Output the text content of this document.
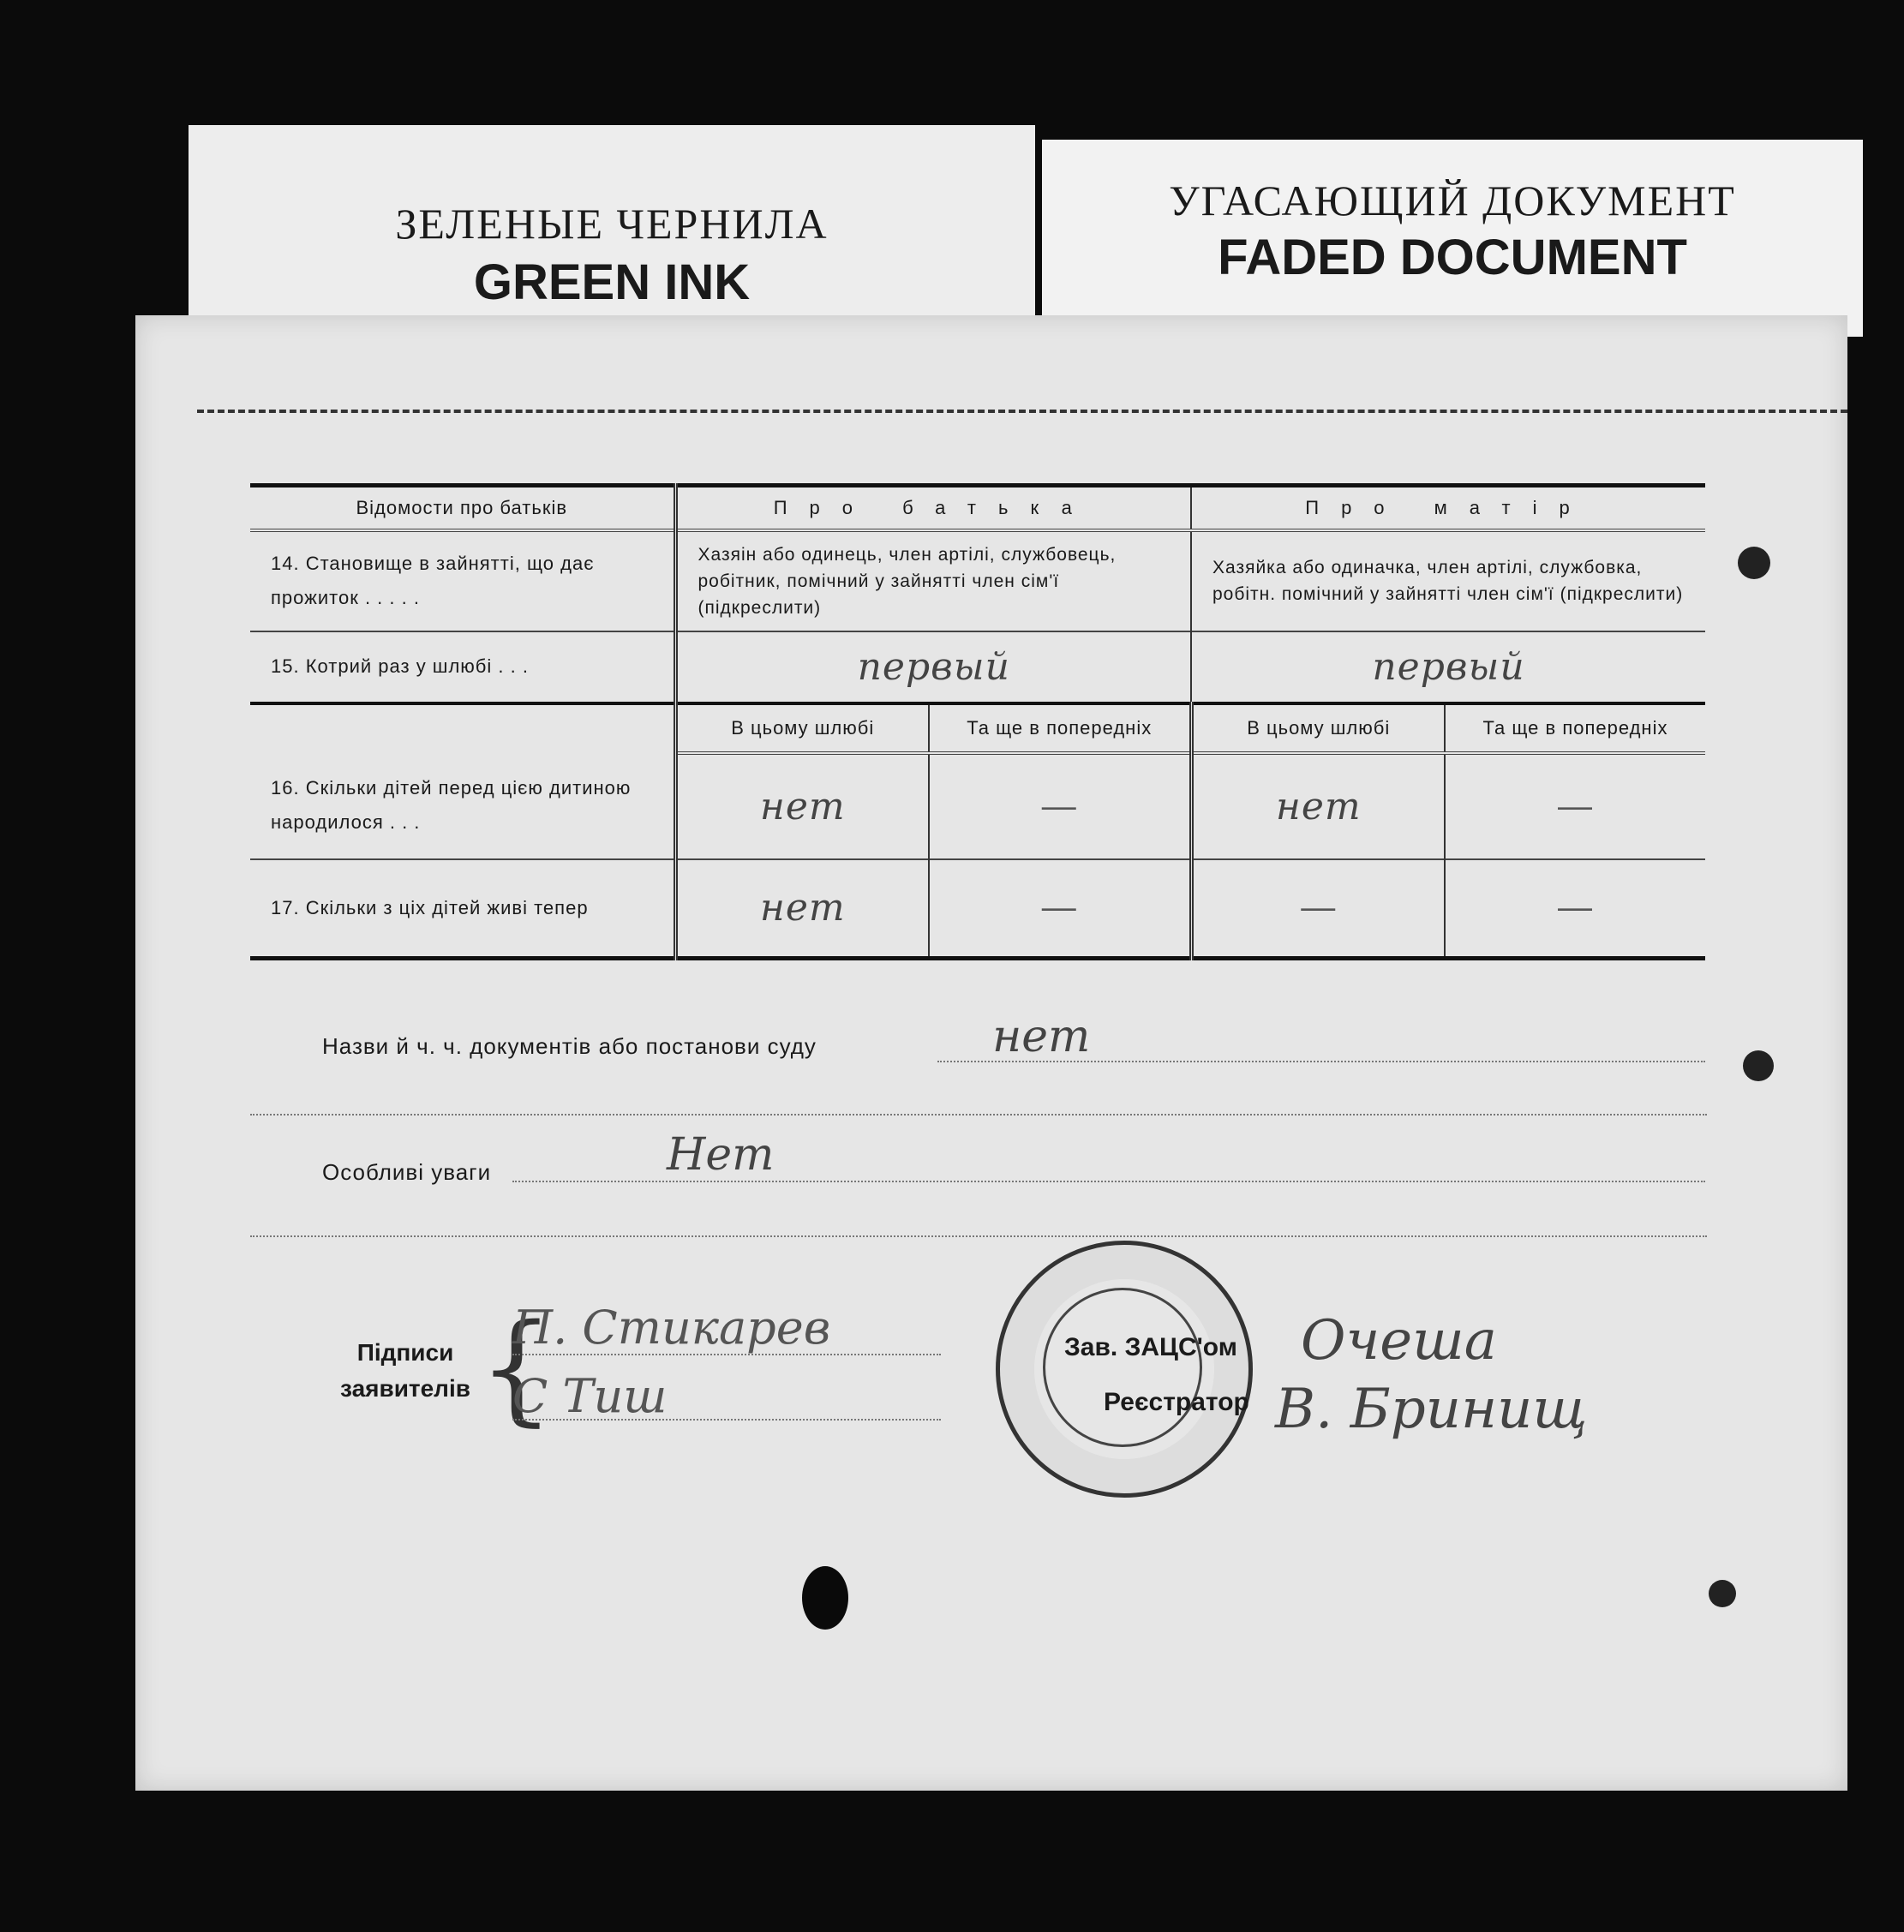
ЗЕЛЕНЫЕ ЧЕРНИЛА
GREEN INK
УГАСАЮЩИЙ ДОКУМЕНТ
FADED DOCUMENT
Відомости про батьків	Про батька		Про матір	
14. Становище в зайнятті, що дає прожиток . . . . .	Хазяін або одинець, член артілі, службовець, робітник, помічний у зайнятті член сім'ї (підкреслити)		Хазяйка або одиначка, член артілі, службовка, робітн. помічний у зайнятті член сім'ї (підкреслити)	
15. Котрий раз у шлюбі . . .	первый		первый	
	В цьому шлюбі	Та ще в попередніх	В цьому шлюбі	Та ще в попередніх
16. Скільки дітей перед цією дитиною народилося . . .	нет	—	нет	—
17. Скільки з ціх дітей живі тепер	нет	—	—	—
Назви й ч. ч. документів або постанови суду	нет
Особливі уваги	Нет
Підписи
заявителів {
П. Стикарев
С Тиш
Зав. ЗАЦС'ом
Реєстратор
Очеша
В. Бринищ
